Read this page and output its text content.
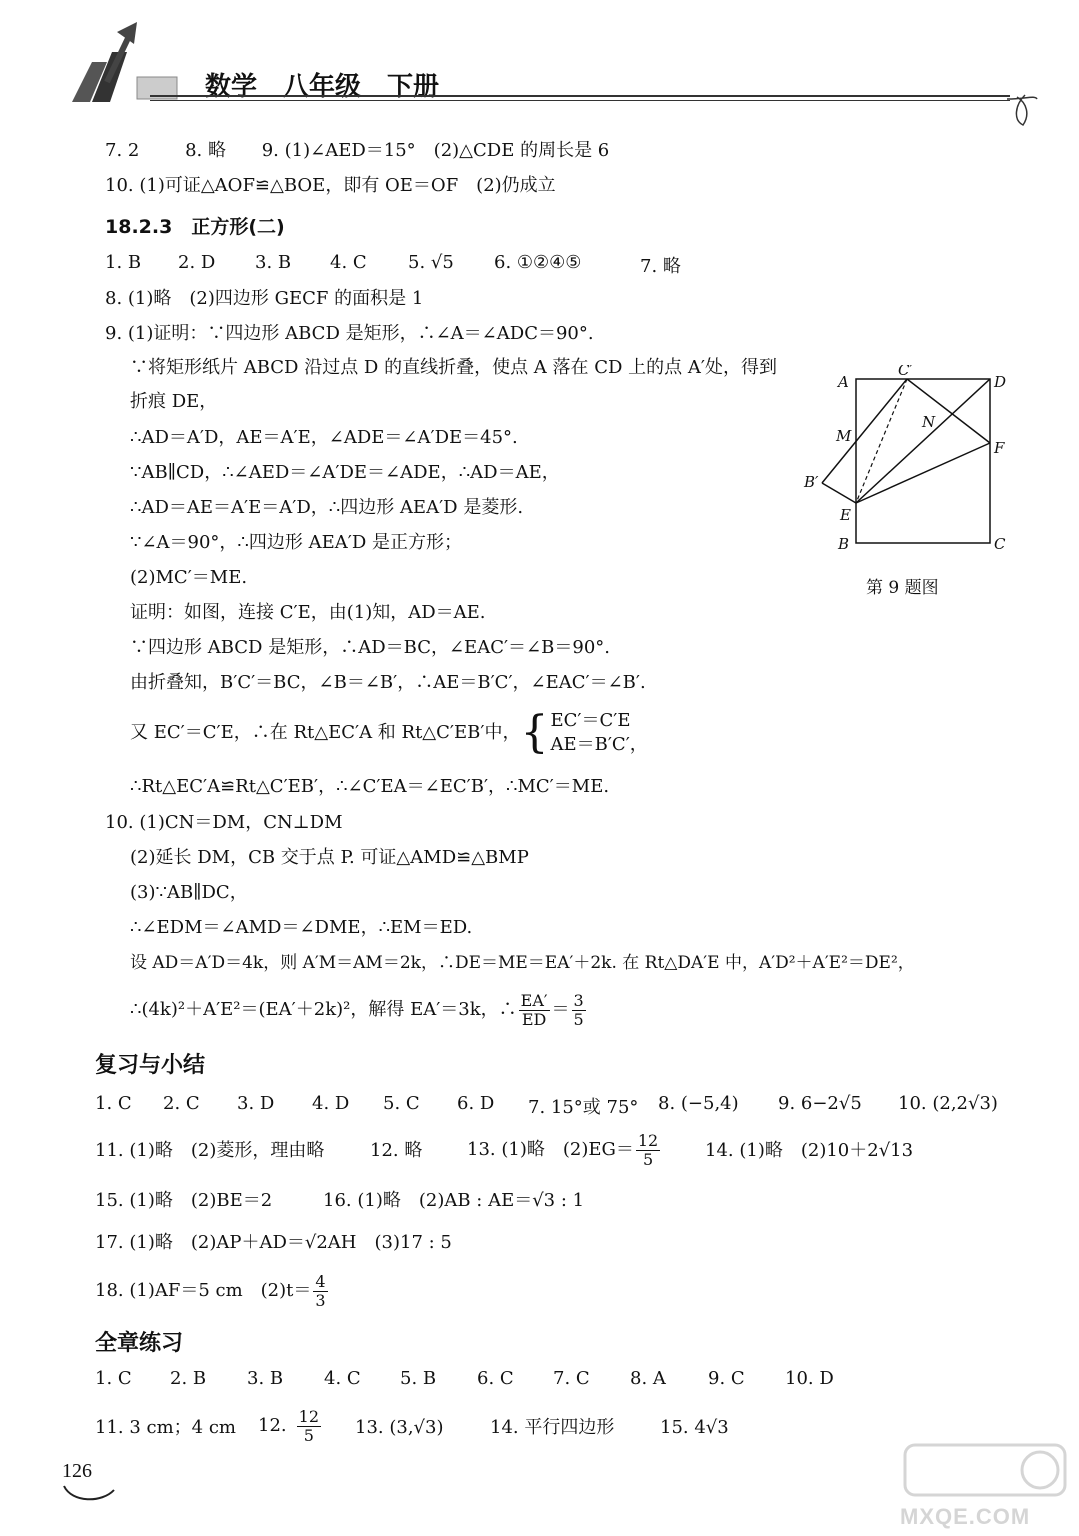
数学　八年级　下册
7. 2	8. 略 9. (1)∠AED＝15°　(2)△CDE 的周长是 6
10. (1)可证△AOF≌△BOE，即有 OE＝OF　(2)仍成立
18.2.3　正方形(二)
1. B 2. D 3. B 4. C 5. √5 6. ①②④⑤	7. 略
8. (1)略　(2)四边形 GECF 的面积是 1
9. (1)证明：∵四边形 ABCD 是矩形，∴∠A＝∠ADC＝90°.
∵将矩形纸片 ABCD 沿过点 D 的直线折叠，使点 A 落在 CD 上的点 A′处，得到
折痕 DE，
∴AD＝A′D，AE＝A′E，∠ADE＝∠A′DE＝45°.
∵AB∥CD，∴∠AED＝∠A′DE＝∠ADE，∴AD＝AE，
∴AD＝AE＝A′E＝A′D，∴四边形 AEA′D 是菱形.
∵∠A＝90°，∴四边形 AEA′D 是正方形；
(2)MC′＝ME.
证明：如图，连接 C′E，由(1)知，AD＝AE.
∵四边形 ABCD 是矩形，∴AD＝BC，∠EAC′＝∠B＝90°.
由折叠知，B′C′＝BC，∠B＝∠B′，∴AE＝B′C′，∠EAC′＝∠B′.
又 EC′＝C′E，∴在 Rt△EC′A 和 Rt△C′EB′中， { EC′＝C′E
AE＝B′C′，
∴Rt△EC′A≌Rt△C′EB′，∴∠C′EA＝∠EC′B′，∴MC′＝ME.
A
C′
D
N
M
F
B′
E
B	C
第 9 题图
10. (1)CN＝DM，CN⊥DM
(2)延长 DM，CB 交于点 P. 可证△AMD≌△BMP
(3)∵AB∥DC，
∴∠EDM＝∠AMD＝∠DME，∴EM＝ED.
设 AD＝A′D＝4k，则 A′M＝AM＝2k，∴DE＝ME＝EA′＋2k. 在 Rt△DA′E 中，A′D²＋A′E²＝DE²，
∴(4k)²＋A′E²＝(EA′＋2k)²，解得 EA′＝3k，∴ $\frac{EA'}{ED} = \frac{3}{5}$
复习与小结
1. C 2. C 3. D 4. D 5. C 6. D 7. 15°或 75° 8. (−5,4) 9. 6−2√5 10. (2,2√3)
11. (1)略　(2)菱形，理由略	12. 略 13. (1)略　$(2)EG= \frac{12}{5} 14$. (1)略　(2)10＋2√13
15. (1)略　(2)BE＝2	16. (1)略　(2)AB : AE＝√3 : 1
17. (1)略　(2)AP＋AD＝√2AH　(3)17 : 5
18. (1)AF＝5 cm　$(2)t= \frac{4}{3}$
全章练习
1. C 2. B 3. B 4. C 5. B 6. C 7. C 8. A 9. C 10. D
11. 3 cm；4 cm 12. $\frac{12}{5} 13$. (3,√3)	14. 平行四边形	15. 4√3
126
MXQE.COM
